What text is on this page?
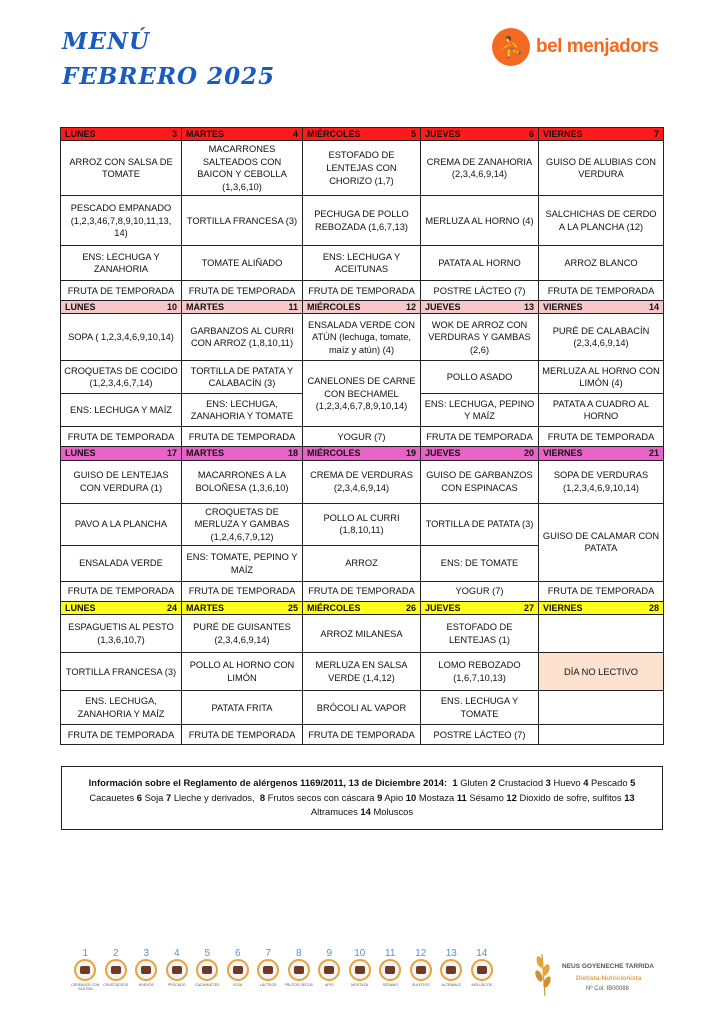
MENÚ
FEBRERO 2025
⛹ bel menjadors
LUNES 3	MARTES 4	MIÉRCOLES 5	JUEVES 6	VIERNES 7

ARROZ CON SALSA DE TOMATE	MACARRONES SALTEADOS CON BAICON Y CEBOLLA (1,3,6,10)	ESTOFADO DE LENTEJAS CON CHORIZO (1,7)	CREMA DE ZANAHORIA (2,3,4,6,9,14)	GUISO DE ALUBIAS CON VERDURA
PESCADO EMPANADO (1,2,3,46,7,8,9,10,11,13, 14)	TORTILLA FRANCESA (3)	PECHUGA DE POLLO REBOZADA (1,6,7,13)	MERLUZA AL HORNO (4)	SALCHICHAS DE CERDO A LA PLANCHA (12)
ENS: LECHUGA Y ZANAHORIA	TOMATE ALIÑADO	ENS: LECHUGA Y ACEITUNAS	PATATA AL HORNO	ARROZ BLANCO
FRUTA DE TEMPORADA	FRUTA DE TEMPORADA	FRUTA DE TEMPORADA	POSTRE LÁCTEO (7)	FRUTA DE TEMPORADA

LUNES 10	MARTES 11	MIÉRCOLES 12	JUEVES 13	VIERNES 14

SOPA ( 1,2,3,4,6,9,10,14)	GARBANZOS AL CURRI CON ARROZ (1,8,10,11)	ENSALADA VERDE CON ATÚN (lechuga, tomate, maíz y atún) (4)	WOK DE ARROZ CON VERDURAS Y GAMBAS (2,6)	PURÉ DE CALABACÍN (2,3,4,6,9,14)
CROQUETAS DE COCIDO (1,2,3,4,6,7,14)	TORTILLA DE PATATA Y CALABACÍN (3)	CANELONES DE CARNE CON BECHAMEL (1,2,3,4,6,7,8,9,10,14)	POLLO ASADO	MERLUZA AL HORNO CON LIMÓN (4)
ENS: LECHUGA Y MAÍZ	ENS: LECHUGA, ZANAHORIA Y TOMATE		ENS: LECHUGA, PEPINO Y MAÍZ	PATATA A CUADRO AL HORNO
FRUTA DE TEMPORADA	FRUTA DE TEMPORADA	YOGUR (7)	FRUTA DE TEMPORADA	FRUTA DE TEMPORADA

LUNES 17	MARTES 18	MIÉRCOLES 19	JUEVES 20	VIERNES 21

GUISO DE LENTEJAS CON VERDURA (1)	MACARRONES A LA BOLOÑESA (1,3,6,10)	CREMA DE VERDURAS (2,3,4,6,9,14)	GUISO DE GARBANZOS CON ESPINACAS	SOPA DE VERDURAS (1,2,3,4,6,9,10,14)
PAVO A LA PLANCHA	CROQUETAS DE MERLUZA Y GAMBAS (1,2,4,6,7,9,12)	POLLO AL CURRI (1,8,10,11)	TORTILLA DE PATATA (3)	GUISO DE CALAMAR CON PATATA
ENSALADA VERDE	ENS: TOMATE, PEPINO Y MAÍZ	ARROZ	ENS: DE TOMATE	
FRUTA DE TEMPORADA	FRUTA DE TEMPORADA	FRUTA DE TEMPORADA	YOGUR (7)	FRUTA DE TEMPORADA

LUNES 24	MARTES 25	MIÉRCOLES 26	JUEVES 27	VIERNES 28

ESPAGUETIS AL PESTO (1,3,6,10,7)	PURÉ DE GUISANTES (2,3,4,6,9,14)	ARROZ MILANESA	ESTOFADO DE LENTEJAS (1)	
TORTILLA FRANCESA (3)	POLLO AL HORNO CON LIMÓN	MERLUZA EN SALSA VERDE (1,4,12)	LOMO REBOZADO (1,6,7,10,13)	DÍA NO LECTIVO
ENS. LECHUGA, ZANAHORIA Y MAÍZ	PATATA FRITA	BRÓCOLI AL VAPOR	ENS. LECHUGA Y TOMATE	
FRUTA DE TEMPORADA	FRUTA DE TEMPORADA	FRUTA DE TEMPORADA	POSTRE LÁCTEO (7)	
Información sobre el Reglamento de alérgenos 1169/2011, 13 de Diciembre 2014: 1 Gluten 2 Crustaciod 3 Huevo 4 Pescado 5 Cacauetes 6 Soja 7 Lleche y derivados, 8 Frutos secos con cáscara 9 Apio 10 Mostaza 11 Sésamo 12 Dioxido de sofre, sulfitos 13 Altramuces 14 Moluscos
1
CEREALES CON GLUTEN
2
CRUSTÁCEOS
3
HUEVOS
4
PESCADO
5
CACAHUETES
6
SOJA
7
LÁCTEOS
8
FRUTOS SECOS
9
APIO
10
MOSTAZA
11
SÉSAMO
12
SULFITOS
13
ALTRAMUZ
14
MOLUSCOS
NEUS GOYENECHE TARRIDA
Dietista-Nutricionista
Nº Col. IB00088
